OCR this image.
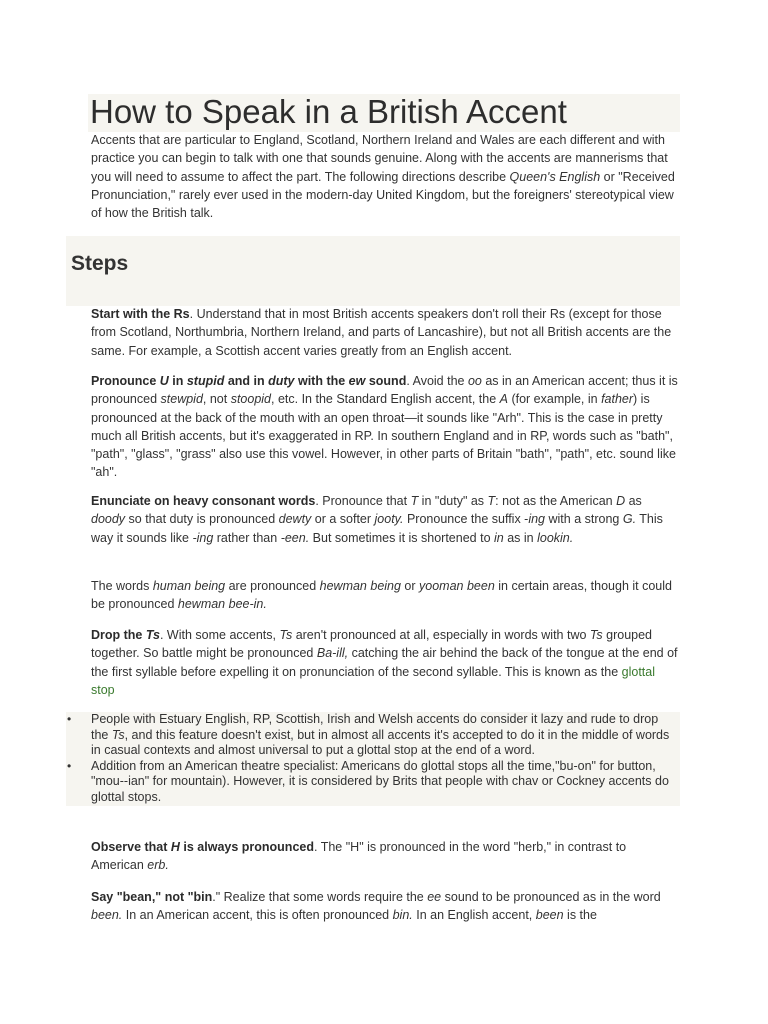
How to Speak in a British Accent

Accents that are particular to England, Scotland, Northern Ireland and Wales are each different and with practice you can begin to talk with one that sounds genuine. Along with the accents are mannerisms that you will need to assume to affect the part. The following directions describe Queen's English or "Received Pronunciation," rarely ever used in the modern-day United Kingdom, but the foreigners' stereotypical view of how the British talk.

Steps

Start with the Rs. Understand that in most British accents speakers don't roll their Rs (except for those from Scotland, Northumbria, Northern Ireland, and parts of Lancashire), but not all British accents are the same. For example, a Scottish accent varies greatly from an English accent.

Pronounce U in stupid and in duty with the ew sound. Avoid the oo as in an American accent; thus it is pronounced stewpid, not stoopid, etc. In the Standard English accent, the A (for example, in father) is pronounced at the back of the mouth with an open throat—it sounds like "Arh". This is the case in pretty much all British accents, but it's exaggerated in RP. In southern England and in RP, words such as "bath", "path", "glass", "grass" also use this vowel. However, in other parts of Britain "bath", "path", etc. sound like "ah".

Enunciate on heavy consonant words. Pronounce that T in "duty" as T: not as the American D as doody so that duty is pronounced dewty or a softer jooty. Pronounce the suffix -ing with a strong G. This way it sounds like -ing rather than -een. But sometimes it is shortened to in as in lookin.

The words human being are pronounced hewman being or yooman been in certain areas, though it could be pronounced hewman bee-in.

Drop the Ts. With some accents, Ts aren't pronounced at all, especially in words with two Ts grouped together. So battle might be pronounced Ba-ill, catching the air behind the back of the tongue at the end of the first syllable before expelling it on pronunciation of the second syllable. This is known as the glottal stop

• People with Estuary English, RP, Scottish, Irish and Welsh accents do consider it lazy and rude to drop the Ts, and this feature doesn't exist, but in almost all accents it's accepted to do it in the middle of words in casual contexts and almost universal to put a glottal stop at the end of a word.
• Addition from an American theatre specialist: Americans do glottal stops all the time,"bu-on" for button, "mou--ian" for mountain). However, it is considered by Brits that people with chav or Cockney accents do glottal stops.

Observe that H is always pronounced. The "H" is pronounced in the word "herb," in contrast to American erb.

Say "bean," not "bin." Realize that some words require the ee sound to be pronounced as in the word been. In an American accent, this is often pronounced bin. In an English accent, been is the
